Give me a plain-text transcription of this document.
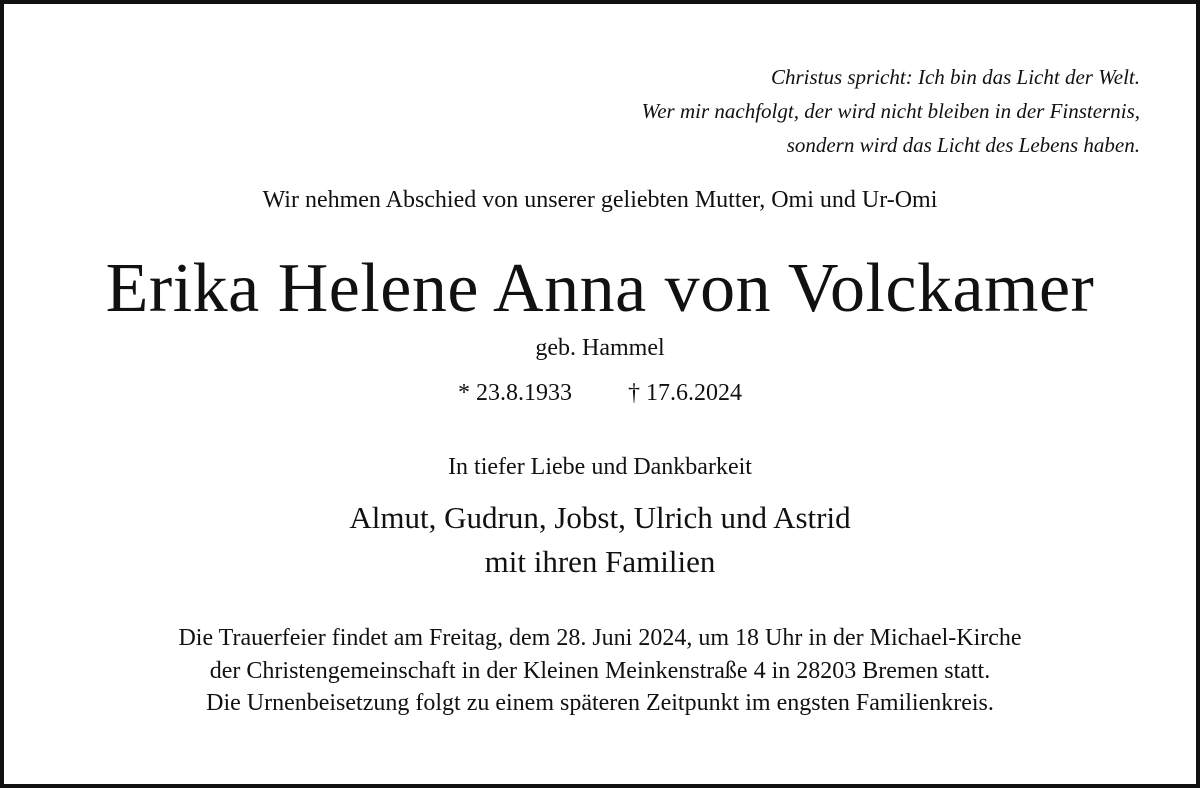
Christus spricht: Ich bin das Licht der Welt.
Wer mir nachfolgt, der wird nicht bleiben in der Finsternis,
sondern wird das Licht des Lebens haben.
Wir nehmen Abschied von unserer geliebten Mutter, Omi und Ur-Omi
Erika Helene Anna von Volckamer
geb. Hammel
* 23.8.1933 † 17.6.2024
In tiefer Liebe und Dankbarkeit
Almut, Gudrun, Jobst, Ulrich und Astrid
mit ihren Familien
Die Trauerfeier findet am Freitag, dem 28. Juni 2024, um 18 Uhr in der Michael-Kirche
der Christengemeinschaft in der Kleinen Meinkenstraße 4 in 28203 Bremen statt.
Die Urnenbeisetzung folgt zu einem späteren Zeitpunkt im engsten Familienkreis.
